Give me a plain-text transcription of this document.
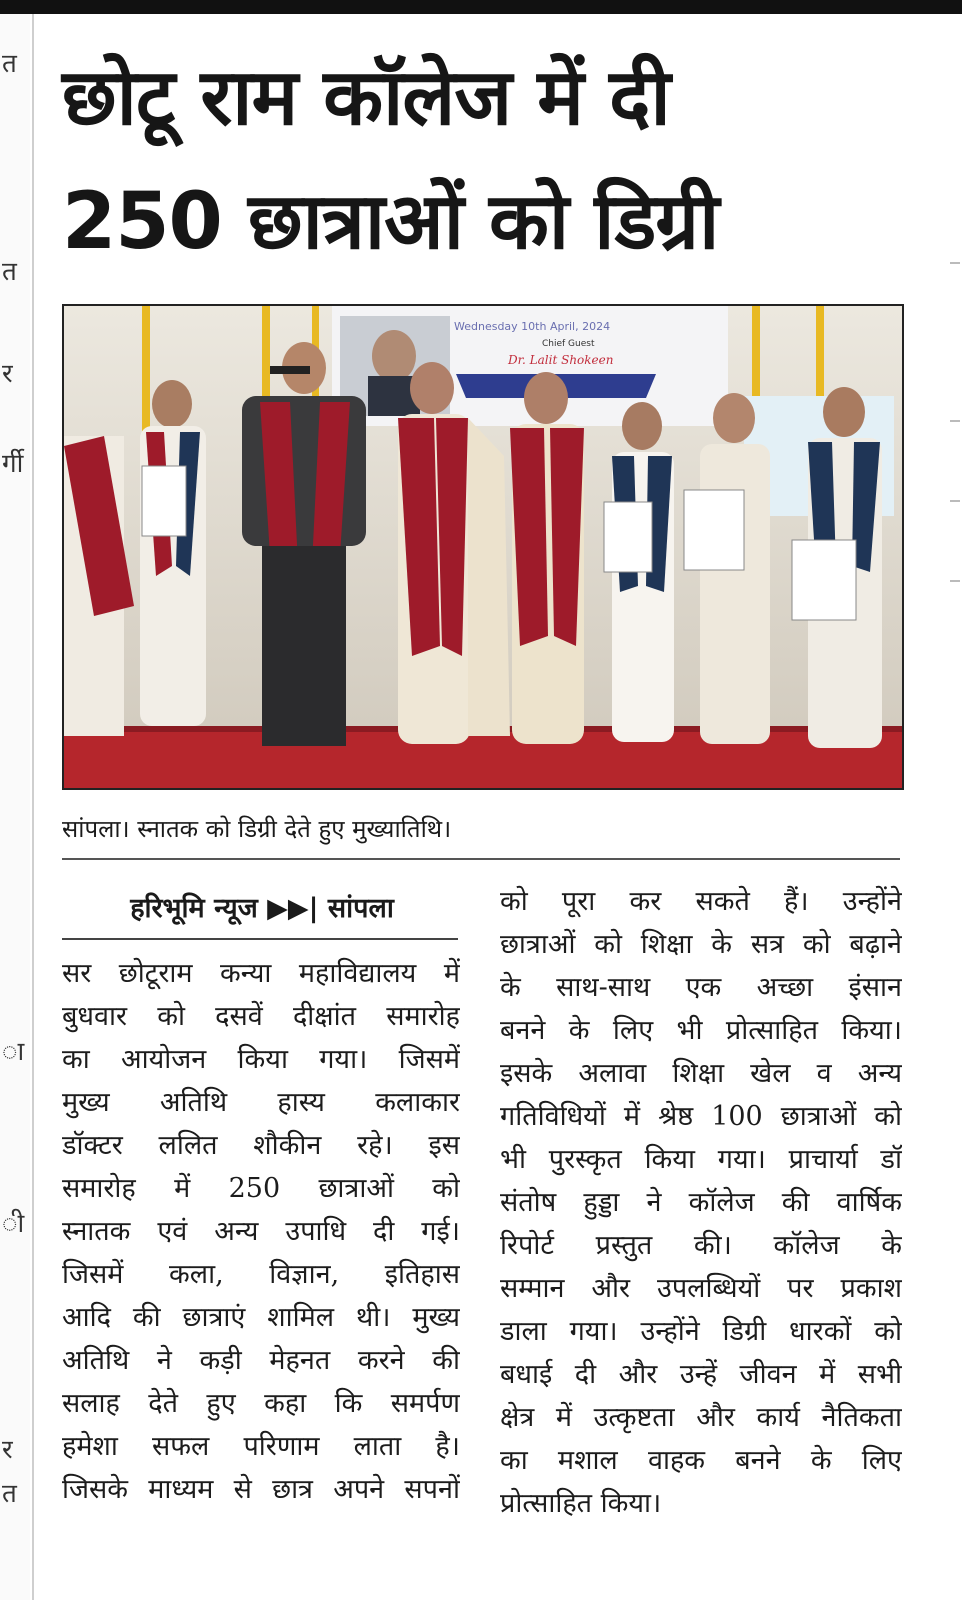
त
त
र
र्गी
ा
ी
र
त
छोटू राम कॉलेज में दी
250 छात्राओं को डिग्री
Wednesday 10th April, 2024
Chief Guest
Dr. Lalit Shokeen

सांपला। स्नातक को डिग्री देते हुए मुख्यातिथि।

हरिभूमि न्यूज ▶▶| सांपला
सर छोटूराम कन्या महाविद्यालय में
बुधवार को दसवें दीक्षांत समारोह
का आयोजन किया गया। जिसमें
मुख्य अतिथि हास्य कलाकार
डॉक्टर ललित शौकीन रहे। इस
समारोह में 250 छात्राओं को
स्नातक एवं अन्य उपाधि दी गई।
जिसमें कला, विज्ञान, इतिहास
आदि की छात्राएं शामिल थी। मुख्य
अतिथि ने कड़ी मेहनत करने की
सलाह देते हुए कहा कि समर्पण
हमेशा सफल परिणाम लाता है।
जिसके माध्यम से छात्र अपने सपनों
को पूरा कर सकते हैं। उन्होंने
छात्राओं को शिक्षा के सत्र को बढ़ाने
के साथ-साथ एक अच्छा इंसान
बनने के लिए भी प्रोत्साहित किया।
इसके अलावा शिक्षा खेल व अन्य
गतिविधियों में श्रेष्ठ 100 छात्राओं को
भी पुरस्कृत किया गया। प्राचार्या डॉ
संतोष हुड्डा ने कॉलेज की वार्षिक
रिपोर्ट प्रस्तुत की। कॉलेज के
सम्मान और उपलब्धियों पर प्रकाश
डाला गया। उन्होंने डिग्री धारकों को
बधाई दी और उन्हें जीवन में सभी
क्षेत्र में उत्कृष्टता और कार्य नैतिकता
का मशाल वाहक बनने के लिए
प्रोत्साहित किया।
